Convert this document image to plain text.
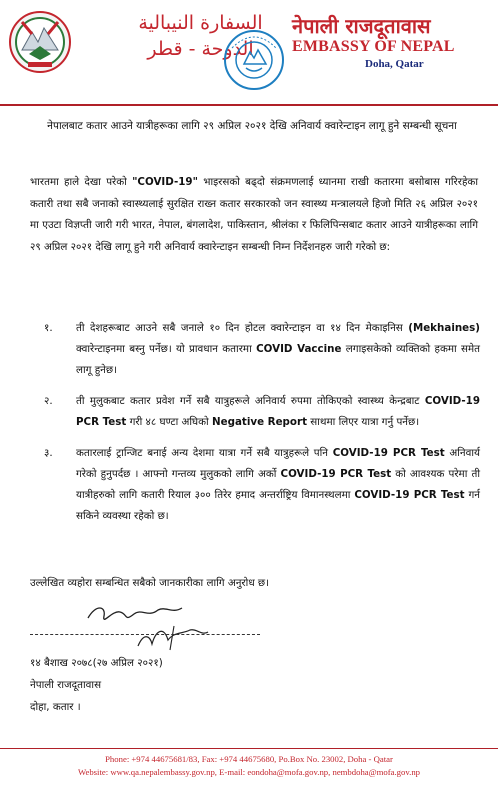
السفارة النيبالية
الدوحة - قطر
नेपाली राजदूतावास
EMBASSY OF NEPAL
Doha, Qatar
नेपालबाट कतार आउने यात्रीहरूका लागि २९ अप्रिल २०२१ देखि अनिवार्य क्वारेन्टाइन लागू हुने सम्बन्धी सूचना
भारतमा हाले देखा परेको "COVID-19" भाइरसको बढ्दो संक्रमणलाई ध्यानमा राखी कतारमा बसोबास गरिरहेका कतारी तथा सबै जनाको स्वास्थ्यलाई सुरक्षित राख्न कतार सरकारको जन स्वास्थ्य मन्त्रालयले हिजो मिति २६ अप्रिल २०२१ मा एउटा विज्ञप्ती जारी गरी भारत, नेपाल, बंगलादेश, पाकिस्तान, श्रीलंका र फिलिपिन्सबाट कतार आउने यात्रीहरूका लागि २९ अप्रिल २०२१ देखि लागू हुने गरी अनिवार्य क्वारेन्टाइन सम्बन्धी निम्न निर्देशनहरु जारी गरेको छ:
१. ती देशहरूबाट आउने सबै जनाले १० दिन होटल क्वारेन्टाइन वा १४ दिन मेकाइनिस (Mekhaines) क्वारेन्टाइनमा बस्नु पर्नेछ। यो प्रावधान कतारमा COVID Vaccine लगाइसकेको व्यक्तिको हकमा समेत लागू हुनेछ।
२. ती मुलुकबाट कतार प्रवेश गर्ने सबै यात्रुहरूले अनिवार्य रुपमा तोकिएको स्वास्थ्य केन्द्रबाट COVID-19 PCR Test गरी ४८ घण्टा अघिको Negative Report साथमा लिएर यात्रा गर्नु पर्नेछ।
३. कतारलाई ट्रान्जिट बनाई अन्य देशमा यात्रा गर्ने सबै यात्रुहरूले पनि COVID-19 PCR Test अनिवार्य गरेको हुनुपर्दछ । आफ्नो गन्तव्य मुलुकको लागि अर्को COVID-19 PCR Test को आवश्यक परेमा ती यात्रीहरुको लागि कतारी रियाल ३०० तिरेर हमाद अन्तर्राष्ट्रिय विमानस्थलमा COVID-19 PCR Test गर्न सकिने व्यवस्था रहेको छ।
उल्लेखित व्यहोरा सम्बन्धित सबैको जानकारीका लागि अनुरोध छ।
१४ बैशाख २०७८(२७ अप्रिल २०२१)
नेपाली राजदूतावास
दोहा, कतार ।
Phone: +974 44675681/83, Fax: +974 44675680, Po.Box No. 23002, Doha - Qatar
Website: www.qa.nepalembassy.gov.np, E-mail: eondoha@mofa.gov.np, nembdoha@mofa.gov.np
